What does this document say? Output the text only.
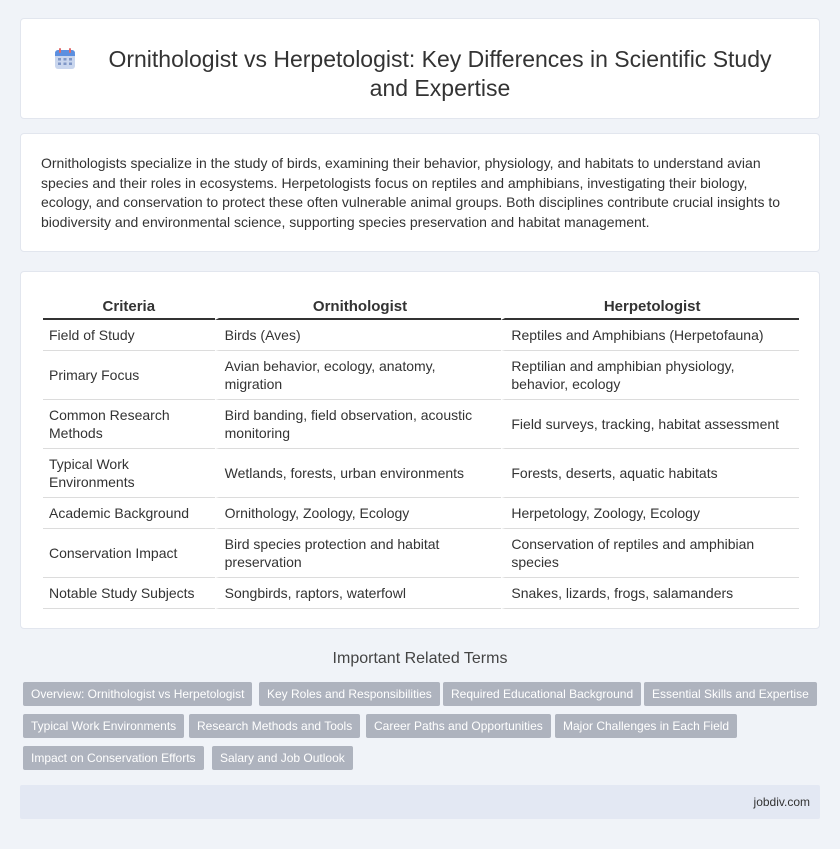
Ornithologist vs Herpetologist: Key Differences in Scientific Study and Expertise

Ornithologists specialize in the study of birds, examining their behavior, physiology, and habitats to understand avian species and their roles in ecosystems. Herpetologists focus on reptiles and amphibians, investigating their biology, ecology, and conservation to protect these often vulnerable animal groups. Both disciplines contribute crucial insights to biodiversity and environmental science, supporting species preservation and habitat management.

Criteria	Ornithologist	Herpetologist
Field of Study	Birds (Aves)	Reptiles and Amphibians (Herpetofauna)
Primary Focus	Avian behavior, ecology, anatomy, migration	Reptilian and amphibian physiology, behavior, ecology
Common Research Methods	Bird banding, field observation, acoustic monitoring	Field surveys, tracking, habitat assessment
Typical Work Environments	Wetlands, forests, urban environments	Forests, deserts, aquatic habitats
Academic Background	Ornithology, Zoology, Ecology	Herpetology, Zoology, Ecology
Conservation Impact	Bird species protection and habitat preservation	Conservation of reptiles and amphibian species
Notable Study Subjects	Songbirds, raptors, waterfowl	Snakes, lizards, frogs, salamanders
Important Related Terms
Overview: Ornithologist vs Herpetologist	Key Roles and Responsibilities	Required Educational Background	Essential Skills and Expertise
Typical Work Environments	Research Methods and Tools	Career Paths and Opportunities	Major Challenges in Each Field
Impact on Conservation Efforts	Salary and Job Outlook
jobdiv.com
